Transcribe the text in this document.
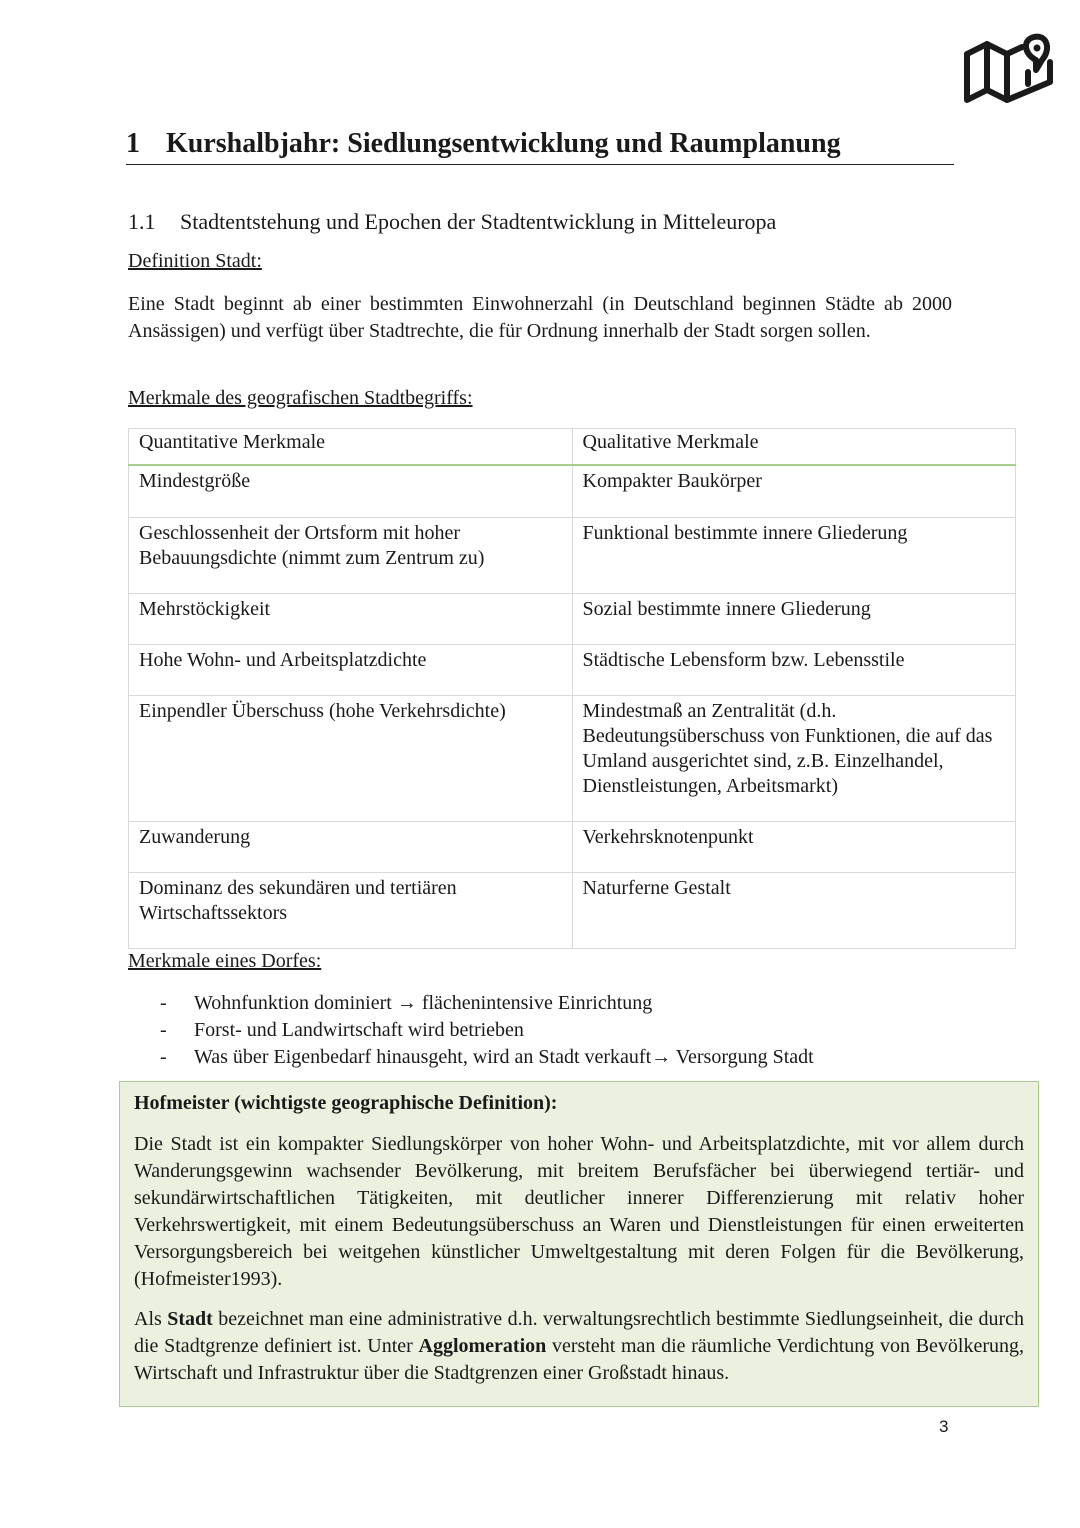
1 Kurshalbjahr: Siedlungsentwicklung und Raumplanung
1.1 Stadtentstehung und Epochen der Stadtentwicklung in Mitteleuropa
Definition Stadt:
Eine Stadt beginnt ab einer bestimmten Einwohnerzahl (in Deutschland beginnen Städte ab 2000 Ansässigen) und verfügt über Stadtrechte, die für Ordnung innerhalb der Stadt sorgen sollen.
Merkmale des geografischen Stadtbegriffs:
Quantitative Merkmale	Qualitative Merkmale
Mindestgröße	Kompakter Baukörper
Geschlossenheit der Ortsform mit hoher Bebauungsdichte (nimmt zum Zentrum zu)	Funktional bestimmte innere Gliederung
Mehrstöckigkeit	Sozial bestimmte innere Gliederung
Hohe Wohn- und Arbeitsplatzdichte	Städtische Lebensform bzw. Lebensstile
Einpendler Überschuss (hohe Verkehrsdichte)	Mindestmaß an Zentralität (d.h. Bedeutungsüberschuss von Funktionen, die auf das Umland ausgerichtet sind, z.B. Einzelhandel, Dienstleistungen, Arbeitsmarkt)
Zuwanderung	Verkehrsknotenpunkt
Dominanz des sekundären und tertiären Wirtschaftssektors	Naturferne Gestalt
Merkmale eines Dorfes:
- Wohnfunktion dominiert → flächenintensive Einrichtung
- Forst- und Landwirtschaft wird betrieben
- Was über Eigenbedarf hinausgeht, wird an Stadt verkauft→ Versorgung Stadt
Hofmeister (wichtigste geographische Definition):

Die Stadt ist ein kompakter Siedlungskörper von hoher Wohn- und Arbeitsplatzdichte, mit vor allem durch Wanderungsgewinn wachsender Bevölkerung, mit breitem Berufsfächer bei überwiegend tertiär- und sekundärwirtschaftlichen Tätigkeiten, mit deutlicher innerer Differenzierung mit relativ hoher Verkehrswertigkeit, mit einem Bedeutungsüberschuss an Waren und Dienstleistungen für einen erweiterten Versorgungsbereich bei weitgehen künstlicher Umweltgestaltung mit deren Folgen für die Bevölkerung, (Hofmeister1993).

Als Stadt bezeichnet man eine administrative d.h. verwaltungsrechtlich bestimmte Siedlungseinheit, die durch die Stadtgrenze definiert ist. Unter Agglomeration versteht man die räumliche Verdichtung von Bevölkerung, Wirtschaft und Infrastruktur über die Stadtgrenzen einer Großstadt hinaus.

3
